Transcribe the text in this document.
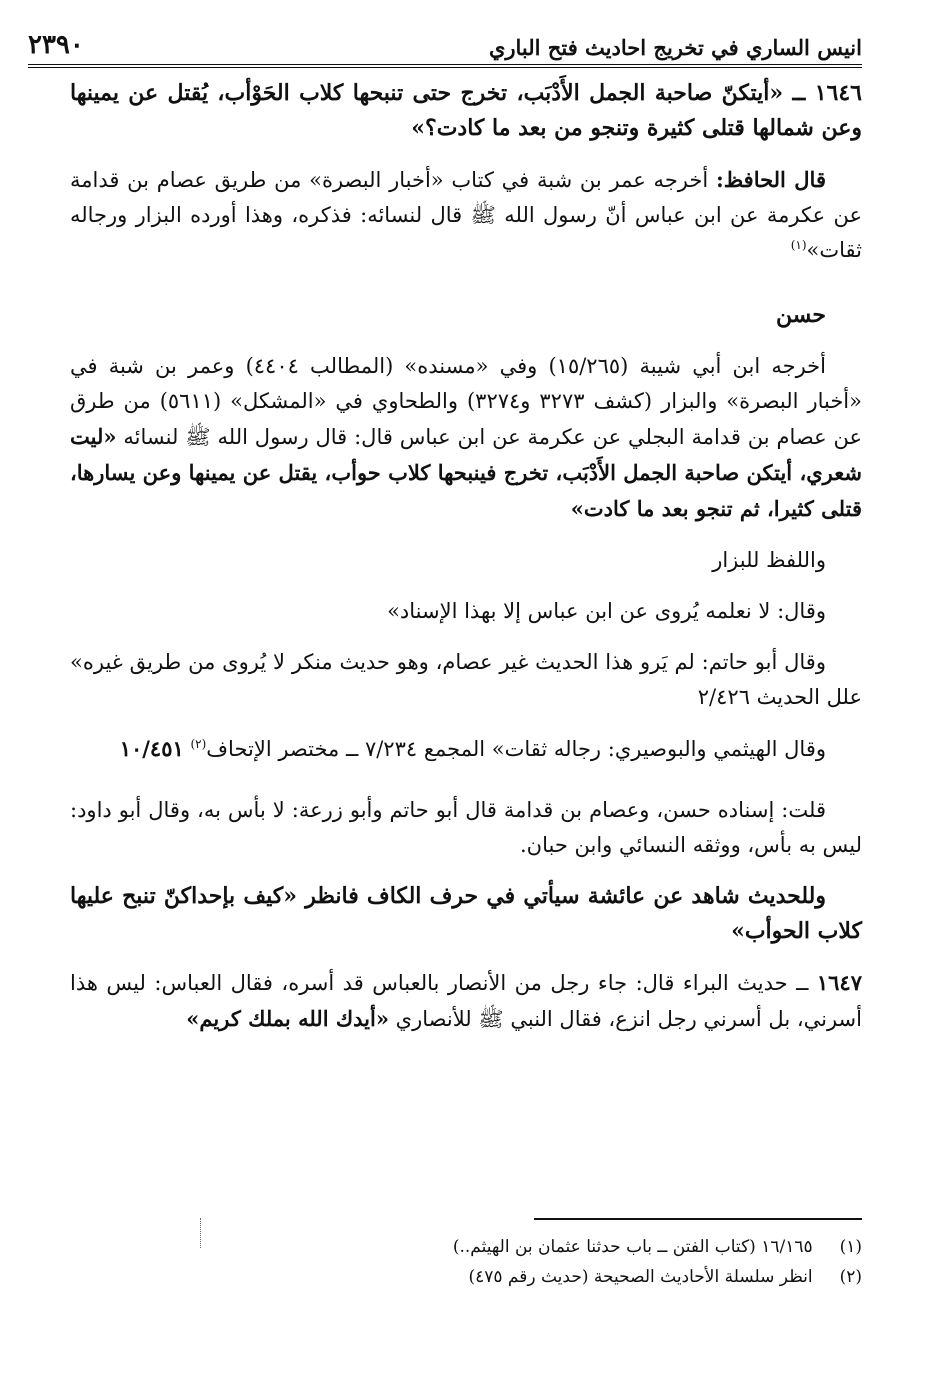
انيس الساري في تخريج احاديث فتح الباري
٢٣٩٠

١٦٤٦ ــ «أيتكنّ صاحبة الجمل الأَدْبَب، تخرج حتى تنبحها كلاب الحَوْأب، يُقتل عن يمينها وعن شمالها قتلى كثيرة وتنجو من بعد ما كادت؟»

قال الحافظ: أخرجه عمر بن شبة في كتاب «أخبار البصرة» من طريق عصام بن قدامة عن عكرمة عن ابن عباس أنّ رسول الله ﷺ قال لنسائه: فذكره، وهذا أورده البزار ورجاله ثقات»$^{(١)}$

حسن

أخرجه ابن أبي شيبة (١٥/٢٦٥) وفي «مسنده» (المطالب ٤٤٠٤) وعمر بن شبة في «أخبار البصرة» والبزار (كشف ٣٢٧٣ و٣٢٧٤) والطحاوي في «المشكل» (٥٦١١) من طرق عن عصام بن قدامة البجلي عن عكرمة عن ابن عباس قال: قال رسول الله ﷺ لنسائه «ليت شعري، أيتكن صاحبة الجمل الأَدْبَب، تخرج فينبحها كلاب حوأب، يقتل عن يمينها وعن يسارها، قتلى كثيرا، ثم تنجو بعد ما كادت»

واللفظ للبزار

وقال: لا نعلمه يُروى عن ابن عباس إلا بهذا الإسناد»

وقال أبو حاتم: لم يَرو هذا الحديث غير عصام، وهو حديث منكر لا يُروى من طريق غيره» علل الحديث ٢/٤٢٦

وقال الهيثمي والبوصيري: رجاله ثقات» المجمع ٧/٢٣٤ ــ مختصر الإتحاف$^{(٢)}$ ١٠/٤٥١

قلت: إسناده حسن، وعصام بن قدامة قال أبو حاتم وأبو زرعة: لا بأس به، وقال أبو داود: ليس به بأس، ووثقه النسائي وابن حبان.

وللحديث شاهد عن عائشة سيأتي في حرف الكاف فانظر «كيف بإحداكنّ تنبح عليها كلاب الحوأب»

١٦٤٧ ــ حديث البراء قال: جاء رجل من الأنصار بالعباس قد أسره، فقال العباس: ليس هذا أسرني، بل أسرني رجل انزع، فقال النبي ﷺ للأنصاري «أيدك الله بملك كريم»

(١) ١٦/١٦٥ (كتاب الفتن ــ باب حدثنا عثمان بن الهيثم..)

(٢) انظر سلسلة الأحاديث الصحيحة (حديث رقم ٤٧٥)
